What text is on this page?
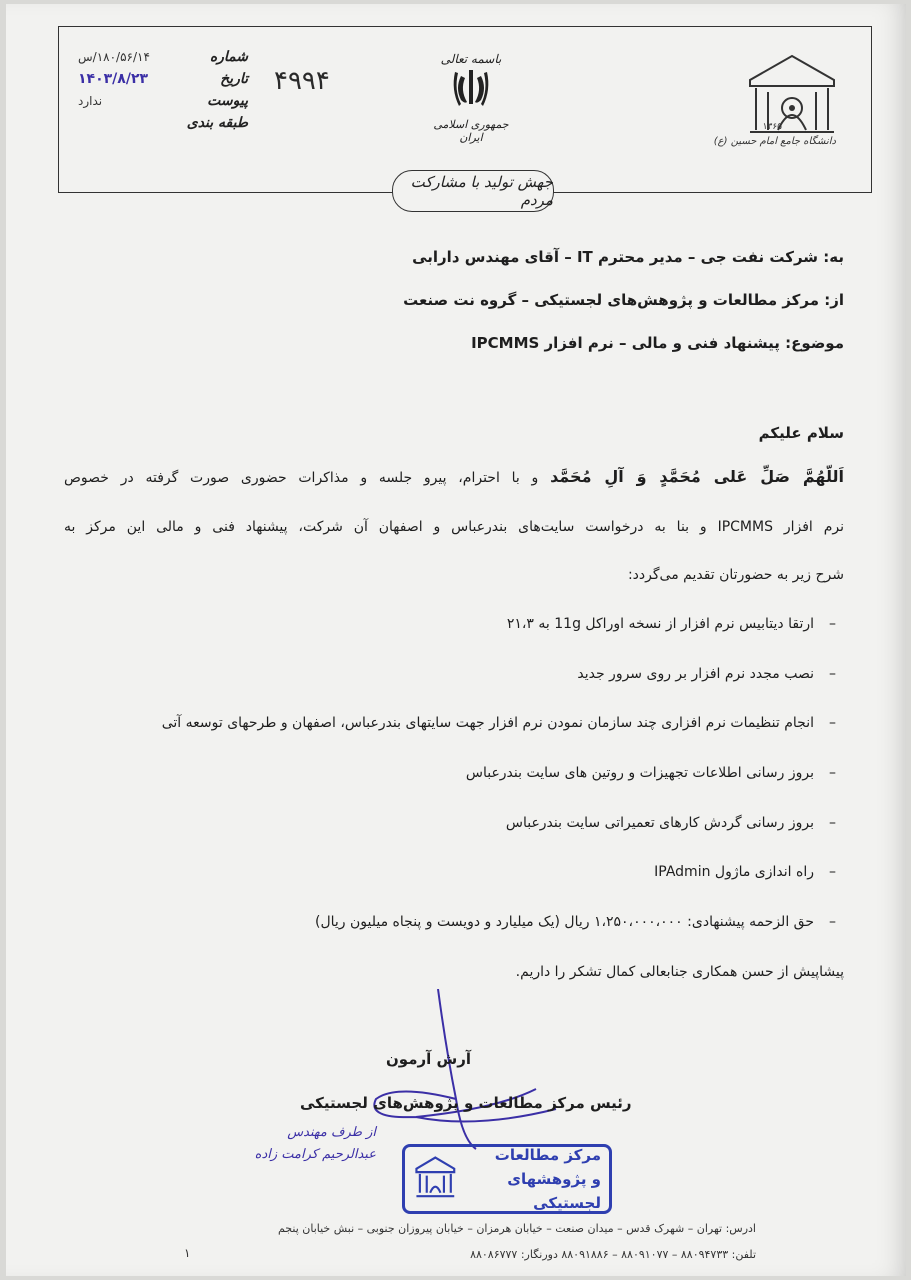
دانشگاه جامع امام حسین (ع)
۱۳۶۵
باسمه تعالی
جمهوری اسلامی ایران
۴۹۹۴
شماره
۱۸۰/۵۶/۱۴/س
تاریخ
۱۴۰۳/۸/۲۳
پیوست
ندارد
طبقه بندی
جهش تولید با مشارکت مردم
به: شرکت نفت جی – مدیر محترم IT – آقای مهندس دارابی
از: مرکز مطالعات و پژوهش‌های لجستیکی – گروه نت صنعت
موضوع: پیشنهاد فنی و مالی – نرم افزار IPCMMS
سلام علیکم
اَللّهُمَّ صَلِّ عَلی مُحَمَّدٍ وَ آلِ مُحَمَّد و با احترام، پیرو جلسه و مذاکرات حضوری صورت گرفته در خصوص
نرم افزار IPCMMS و بنا به درخواست سایت‌های بندرعباس و اصفهان آن شرکت، پیشنهاد فنی و مالی این مرکز به
شرح زیر به حضورتان تقدیم می‌گردد:
–ارتقا دیتابیس نرم افزار از نسخه اوراکل 11g به ۲۱،۳
–نصب مجدد نرم افزار بر روی سرور جدید
–انجام تنظیمات نرم افزاری چند سازمان نمودن نرم افزار جهت سایتهای بندرعباس، اصفهان و طرحهای توسعه آتی
–بروز رسانی اطلاعات تجهیزات و روتین های سایت بندرعباس
–بروز رسانی گردش کارهای تعمیراتی سایت بندرعباس
–راه اندازی ماژول IPAdmin
–حق الزحمه پیشنهادی: ۱،۲۵۰،۰۰۰،۰۰۰ ریال (یک میلیارد و دویست و پنجاه میلیون ریال)
پیشاپیش از حسن همکاری جنابعالی کمال تشکر را داریم.
آرش آرمون
رئیس مرکز مطالعات و پژوهش‌های لجستیکی
از طرف مهندس
عبدالرحیم کرامت زاده	مرکز مطالعات
و پژوهشهای لجستیکی
ادرس: تهران – شهرک قدس – میدان صنعت – خیابان هرمزان – خیابان پیروزان جنوبی – نبش خیابان پنجم
تلفن: ۸۸۰۹۴۷۳۳ – ۸۸۰۹۱۰۷۷ – ۸۸۰۹۱۸۸۶ دورنگار: ۸۸۰۸۶۷۷۷
۱
